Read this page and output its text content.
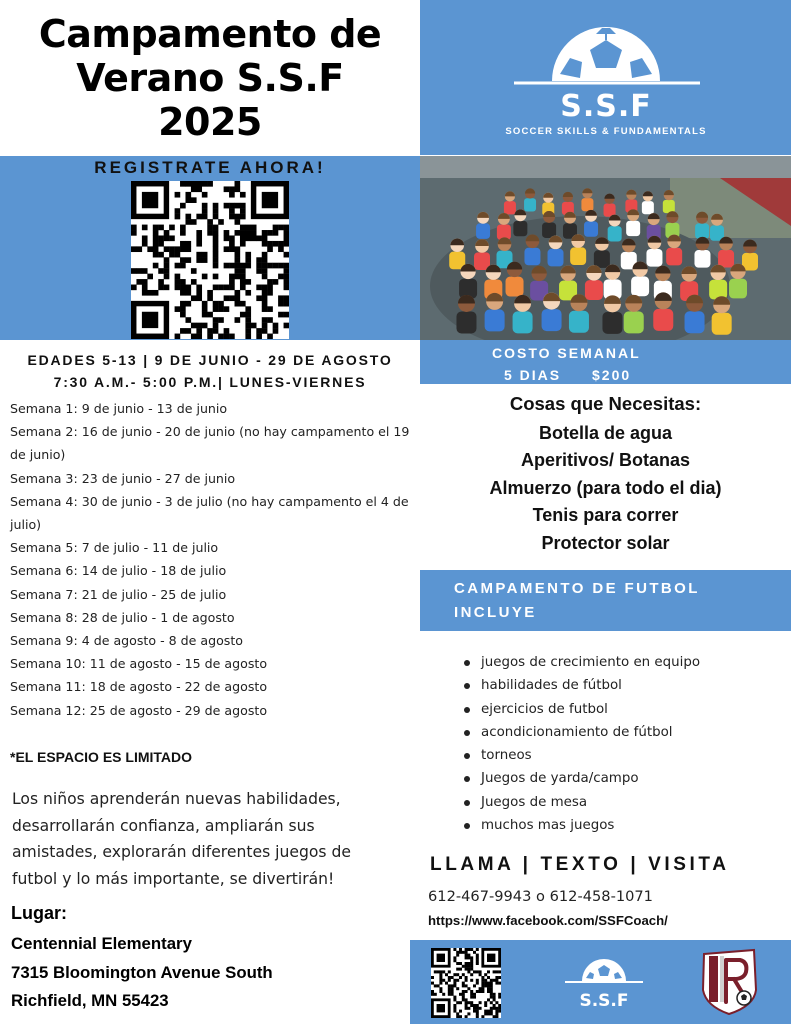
Campamento de
Verano S.S.F
2025	S.S.F
SOCCER SKILLS & FUNDAMENTALS
REGISTRATE AHORA!
COSTO SEMANAL
5 DIAS $200
EDADES 5-13 | 9 DE JUNIO - 29 DE AGOSTO
7:30 A.M.- 5:00 P.M.| LUNES-VIERNES
Semana 1: 9 de junio - 13 de junio
Semana 2: 16 de junio - 20 de junio (no hay campamento el 19 de junio)
Semana 3: 23 de junio - 27 de junio
Semana 4: 30 de junio - 3 de julio (no hay campamento el 4 de julio)
Semana 5: 7 de julio - 11 de julio
Semana 6: 14 de julio - 18 de julio
Semana 7: 21 de julio - 25 de julio
Semana 8: 28 de julio - 1 de agosto
Semana 9: 4 de agosto - 8 de agosto
Semana 10: 11 de agosto - 15 de agosto
Semana 11: 18 de agosto - 22 de agosto
Semana 12: 25 de agosto - 29 de agosto
*EL ESPACIO ES LIMITADO
Los niños aprenderán nuevas habilidades, desarrollarán confianza, ampliarán sus amistades, explorarán diferentes juegos de futbol y lo más importante, se divertirán!
Lugar:
Centennial Elementary
7315 Bloomington Avenue South
Richfield, MN 55423
Cosas que Necesitas:
Botella de agua
Aperitivos/ Botanas
Almuerzo (para todo el dia)
Tenis para correr
Protector solar
CAMPAMENTO DE FUTBOL
INCLUYE
juegos de crecimiento en equipo
habilidades de fútbol
ejercicios de futbol
acondicionamiento de fútbol
torneos
Juegos de yarda/campo
Juegos de mesa
muchos mas juegos
LLAMA | TEXTO | VISITA
612-467-9943 o 612-458-1071
https://www.facebook.com/SSFCoach/
S.S.F
